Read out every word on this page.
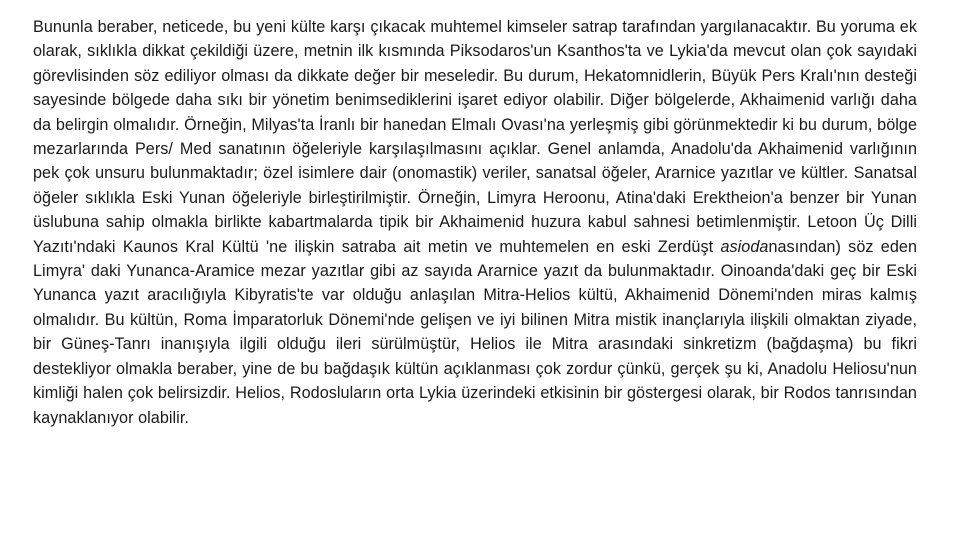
Bununla beraber, neticede, bu yeni külte karşı çıkacak muhtemel kimseler satrap tarafından yargılanacaktır. Bu yoruma ek olarak, sıklıkla dikkat çekildiği üzere, metnin ilk kısmında Piksodaros'un Ksanthos'ta ve Lykia'da mevcut olan çok sayıdaki görevlisinden söz ediliyor olması da dikkate değer bir meseledir. Bu durum, Hekatomnidlerin, Büyük Pers Kralı'nın desteği sayesinde bölgede daha sıkı bir yönetim benimsediklerini işaret ediyor olabilir. Diğer bölgelerde, Akhaimenid varlığı daha da belirgin olmalıdır. Örneğin, Milyas'ta İranlı bir hanedan Elmalı Ovası'na yerleşmiş gibi görünmektedir ki bu durum, bölge mezarlarında Pers/ Med sanatının öğeleriyle karşılaşılmasını açıklar. Genel anlamda, Anadolu'da Akhaimenid varlığının pek çok unsuru bulunmaktadır; özel isimlere dair (onomastik) veriler, sanatsal öğeler, Ararnice yazıtlar ve kültler. Sanatsal öğeler sıklıkla Eski Yunan öğeleriyle birleştirilmiştir. Örneğin, Limyra Heroonu, Atina'daki Erektheion'a benzer bir Yunan üslubuna sahip olmakla birlikte kabartmalarda tipik bir Akhaimenid huzura kabul sahnesi betimlenmiştir. Letoon Üç Dilli Yazıtı'ndaki Kaunos Kral Kültü 'ne ilişkin satraba ait metin ve muhtemelen en eski Zerdüşt asiodanasından) söz eden Limyra' daki Yunanca-Aramice mezar yazıtlar gibi az sayıda Ararnice yazıt da bulunmaktadır. Oinoanda'daki geç bir Eski Yunanca yazıt aracılığıyla Kibyratis'te var olduğu anlaşılan Mitra-Helios kültü, Akhaimenid Dönemi'nden miras kalmış olmalıdır. Bu kültün, Roma İmparatorluk Dönemi'nde gelişen ve iyi bilinen Mitra mistik inançlarıyla ilişkili olmaktan ziyade, bir Güneş-Tanrı inanışıyla ilgili olduğu ileri sürülmüştür, Helios ile Mitra arasındaki sinkretizm (bağdaşma) bu fikri destekliyor olmakla beraber, yine de bu bağdaşık kültün açıklanması çok zordur çünkü, gerçek şu ki, Anadolu Heliosu'nun kimliği halen çok belirsizdir. Helios, Rodosluların orta Lykia üzerindeki etkisinin bir göstergesi olarak, bir Rodos tanrısından kaynaklanıyor olabilir.
